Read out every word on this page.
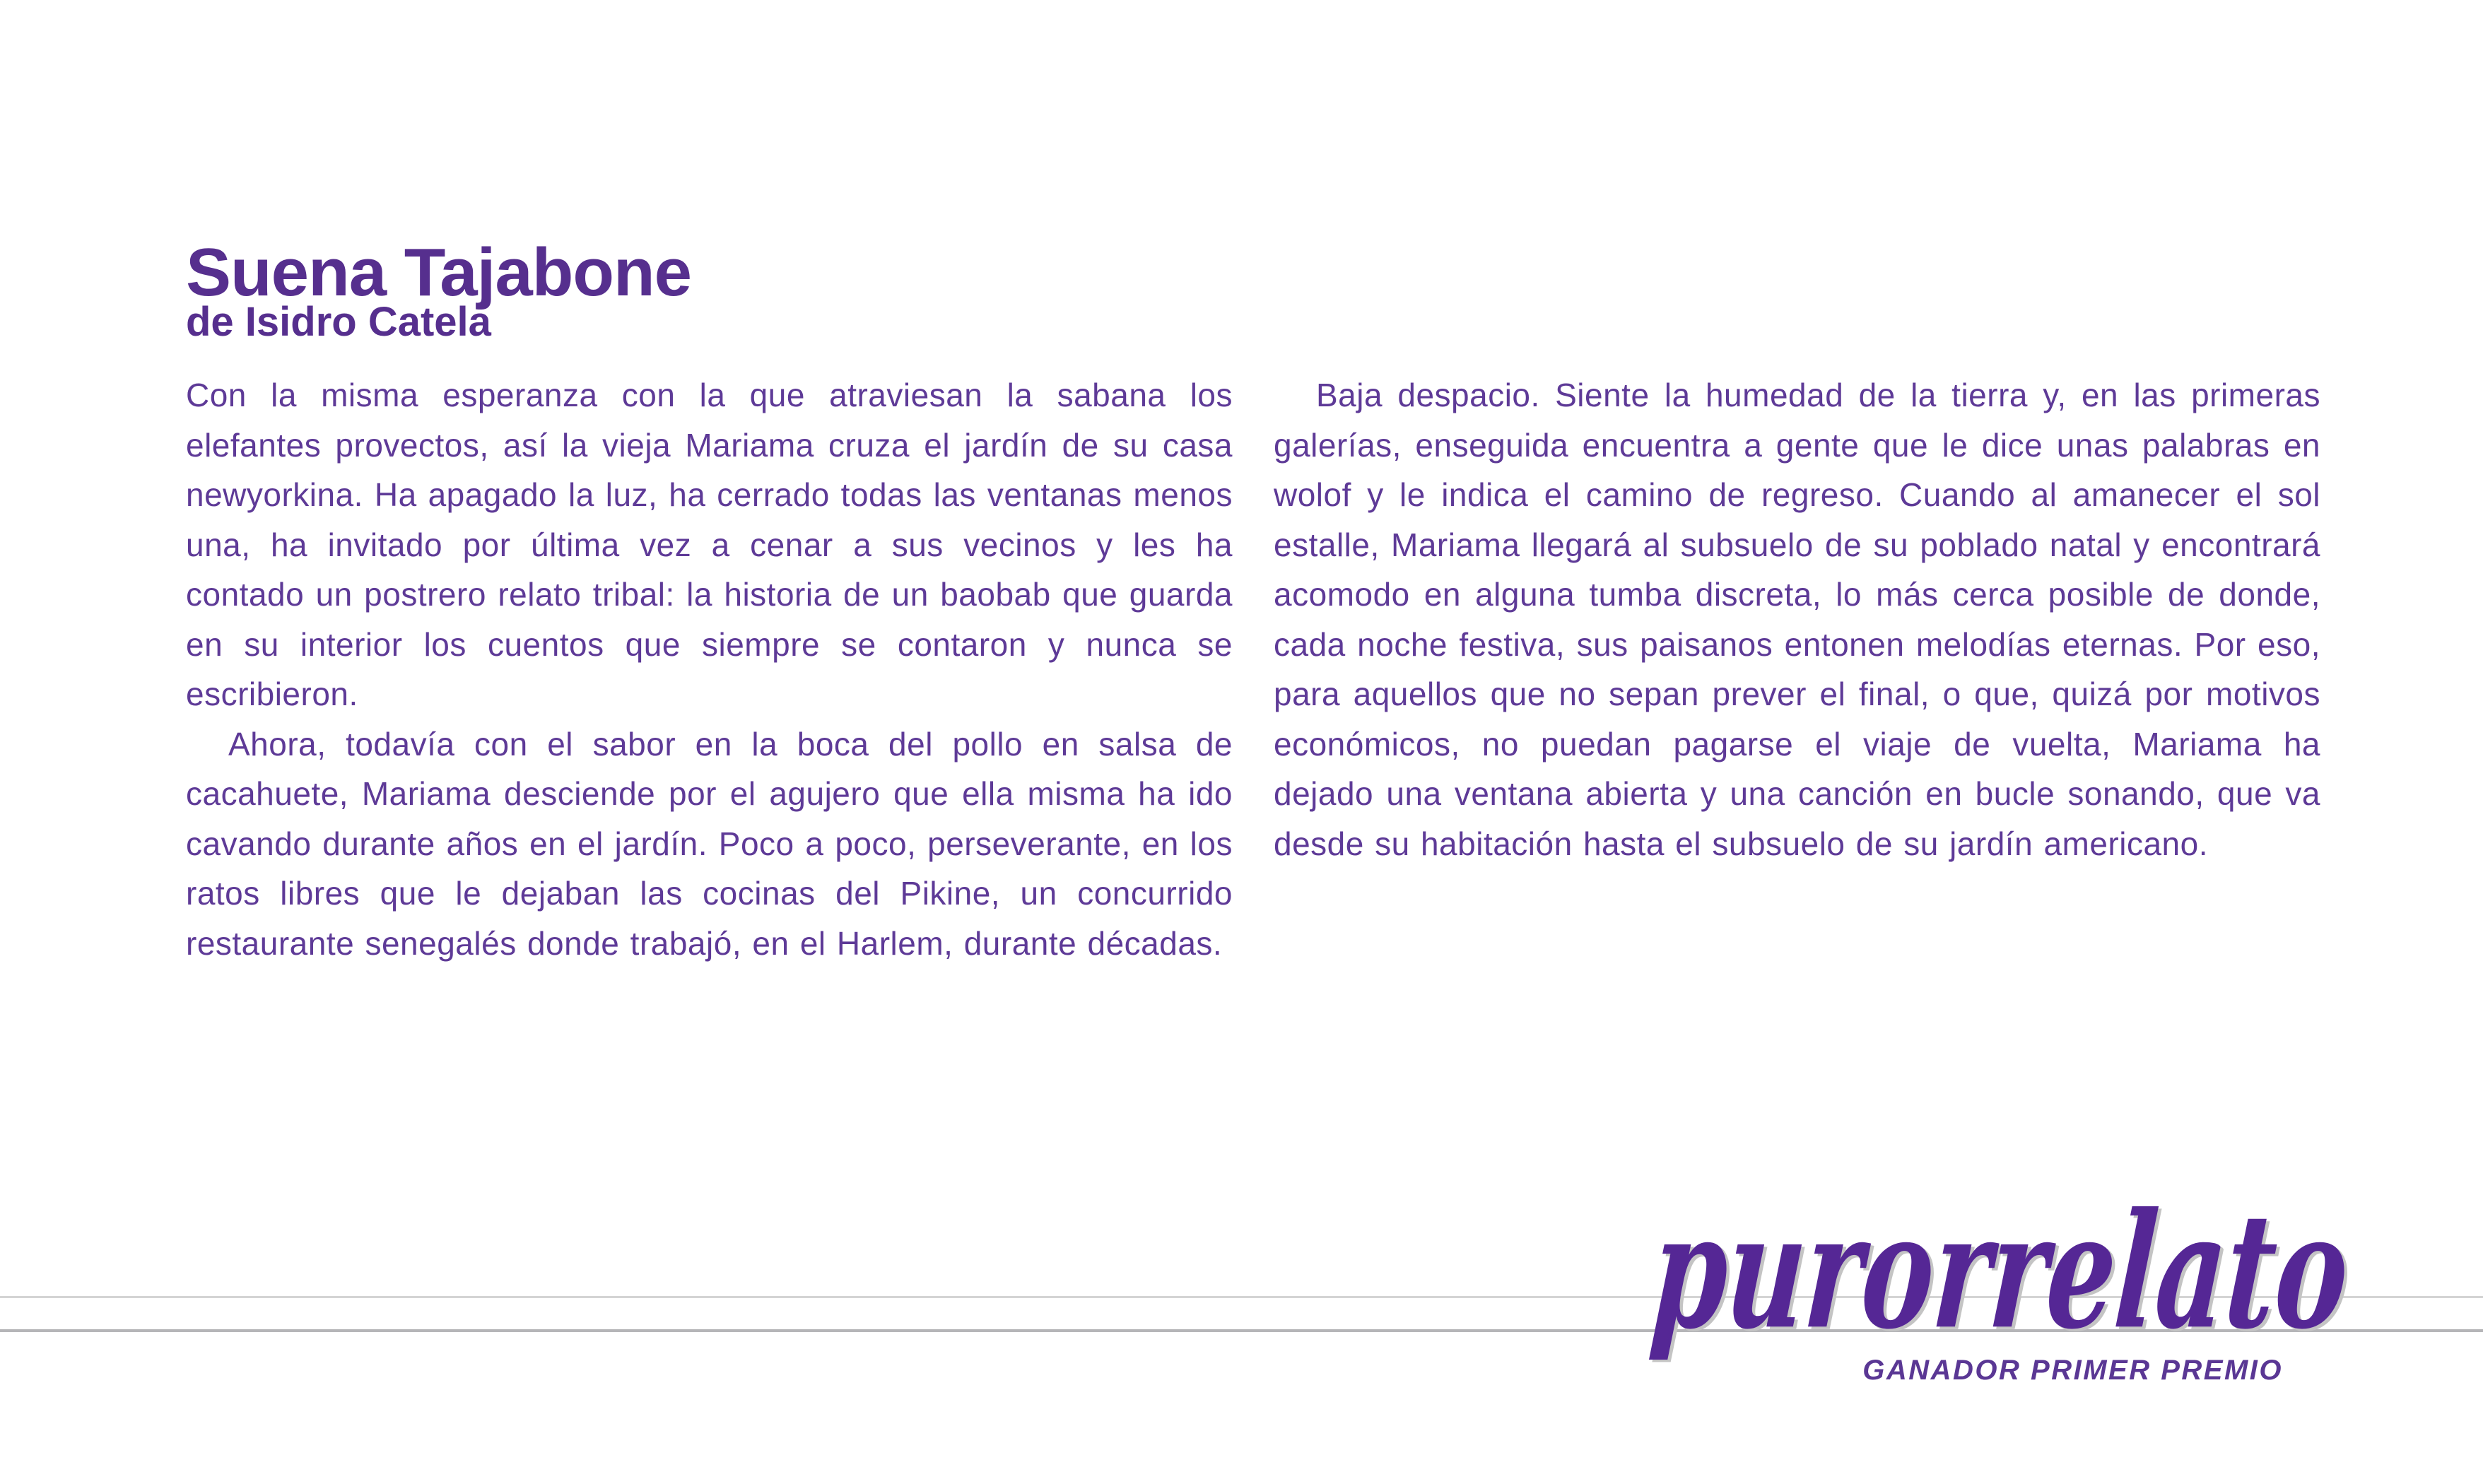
Suena Tajabone
de Isidro Catela

Con la misma esperanza con la que atraviesan la sabana los elefantes provectos, así la vieja Mariama cruza el jardín de su casa newyorkina. Ha apagado la luz, ha cerrado todas las ventanas menos una, ha invitado por última vez a cenar a sus vecinos y les ha contado un postrero relato tribal: la historia de un baobab que guarda en su interior los cuentos que siempre se contaron y nunca se escribieron.

Ahora, todavía con el sabor en la boca del pollo en salsa de cacahuete, Mariama desciende por el agujero que ella misma ha ido cavando durante años en el jardín. Poco a poco, perseverante, en los ratos libres que le dejaban las cocinas del Pikine, un concurrido restaurante senegalés donde trabajó, en el Harlem, durante décadas.

Baja despacio. Siente la humedad de la tierra y, en las primeras galerías, enseguida encuentra a gente que le dice unas palabras en wolof y le indica el camino de regreso. Cuando al amanecer el sol estalle, Mariama llegará al subsuelo de su poblado natal y encontrará acomodo en alguna tumba discreta, lo más cerca posible de donde, cada noche festiva, sus paisanos entonen melodías eternas. Por eso, para aquellos que no sepan prever el final, o que, quizá por motivos económicos, no puedan pagarse el viaje de vuelta, Mariama ha dejado una ventana abierta y una canción en bucle sonando, que va desde su habitación hasta el subsuelo de su jardín americano.

purorrelato
GANADOR PRIMER PREMIO
